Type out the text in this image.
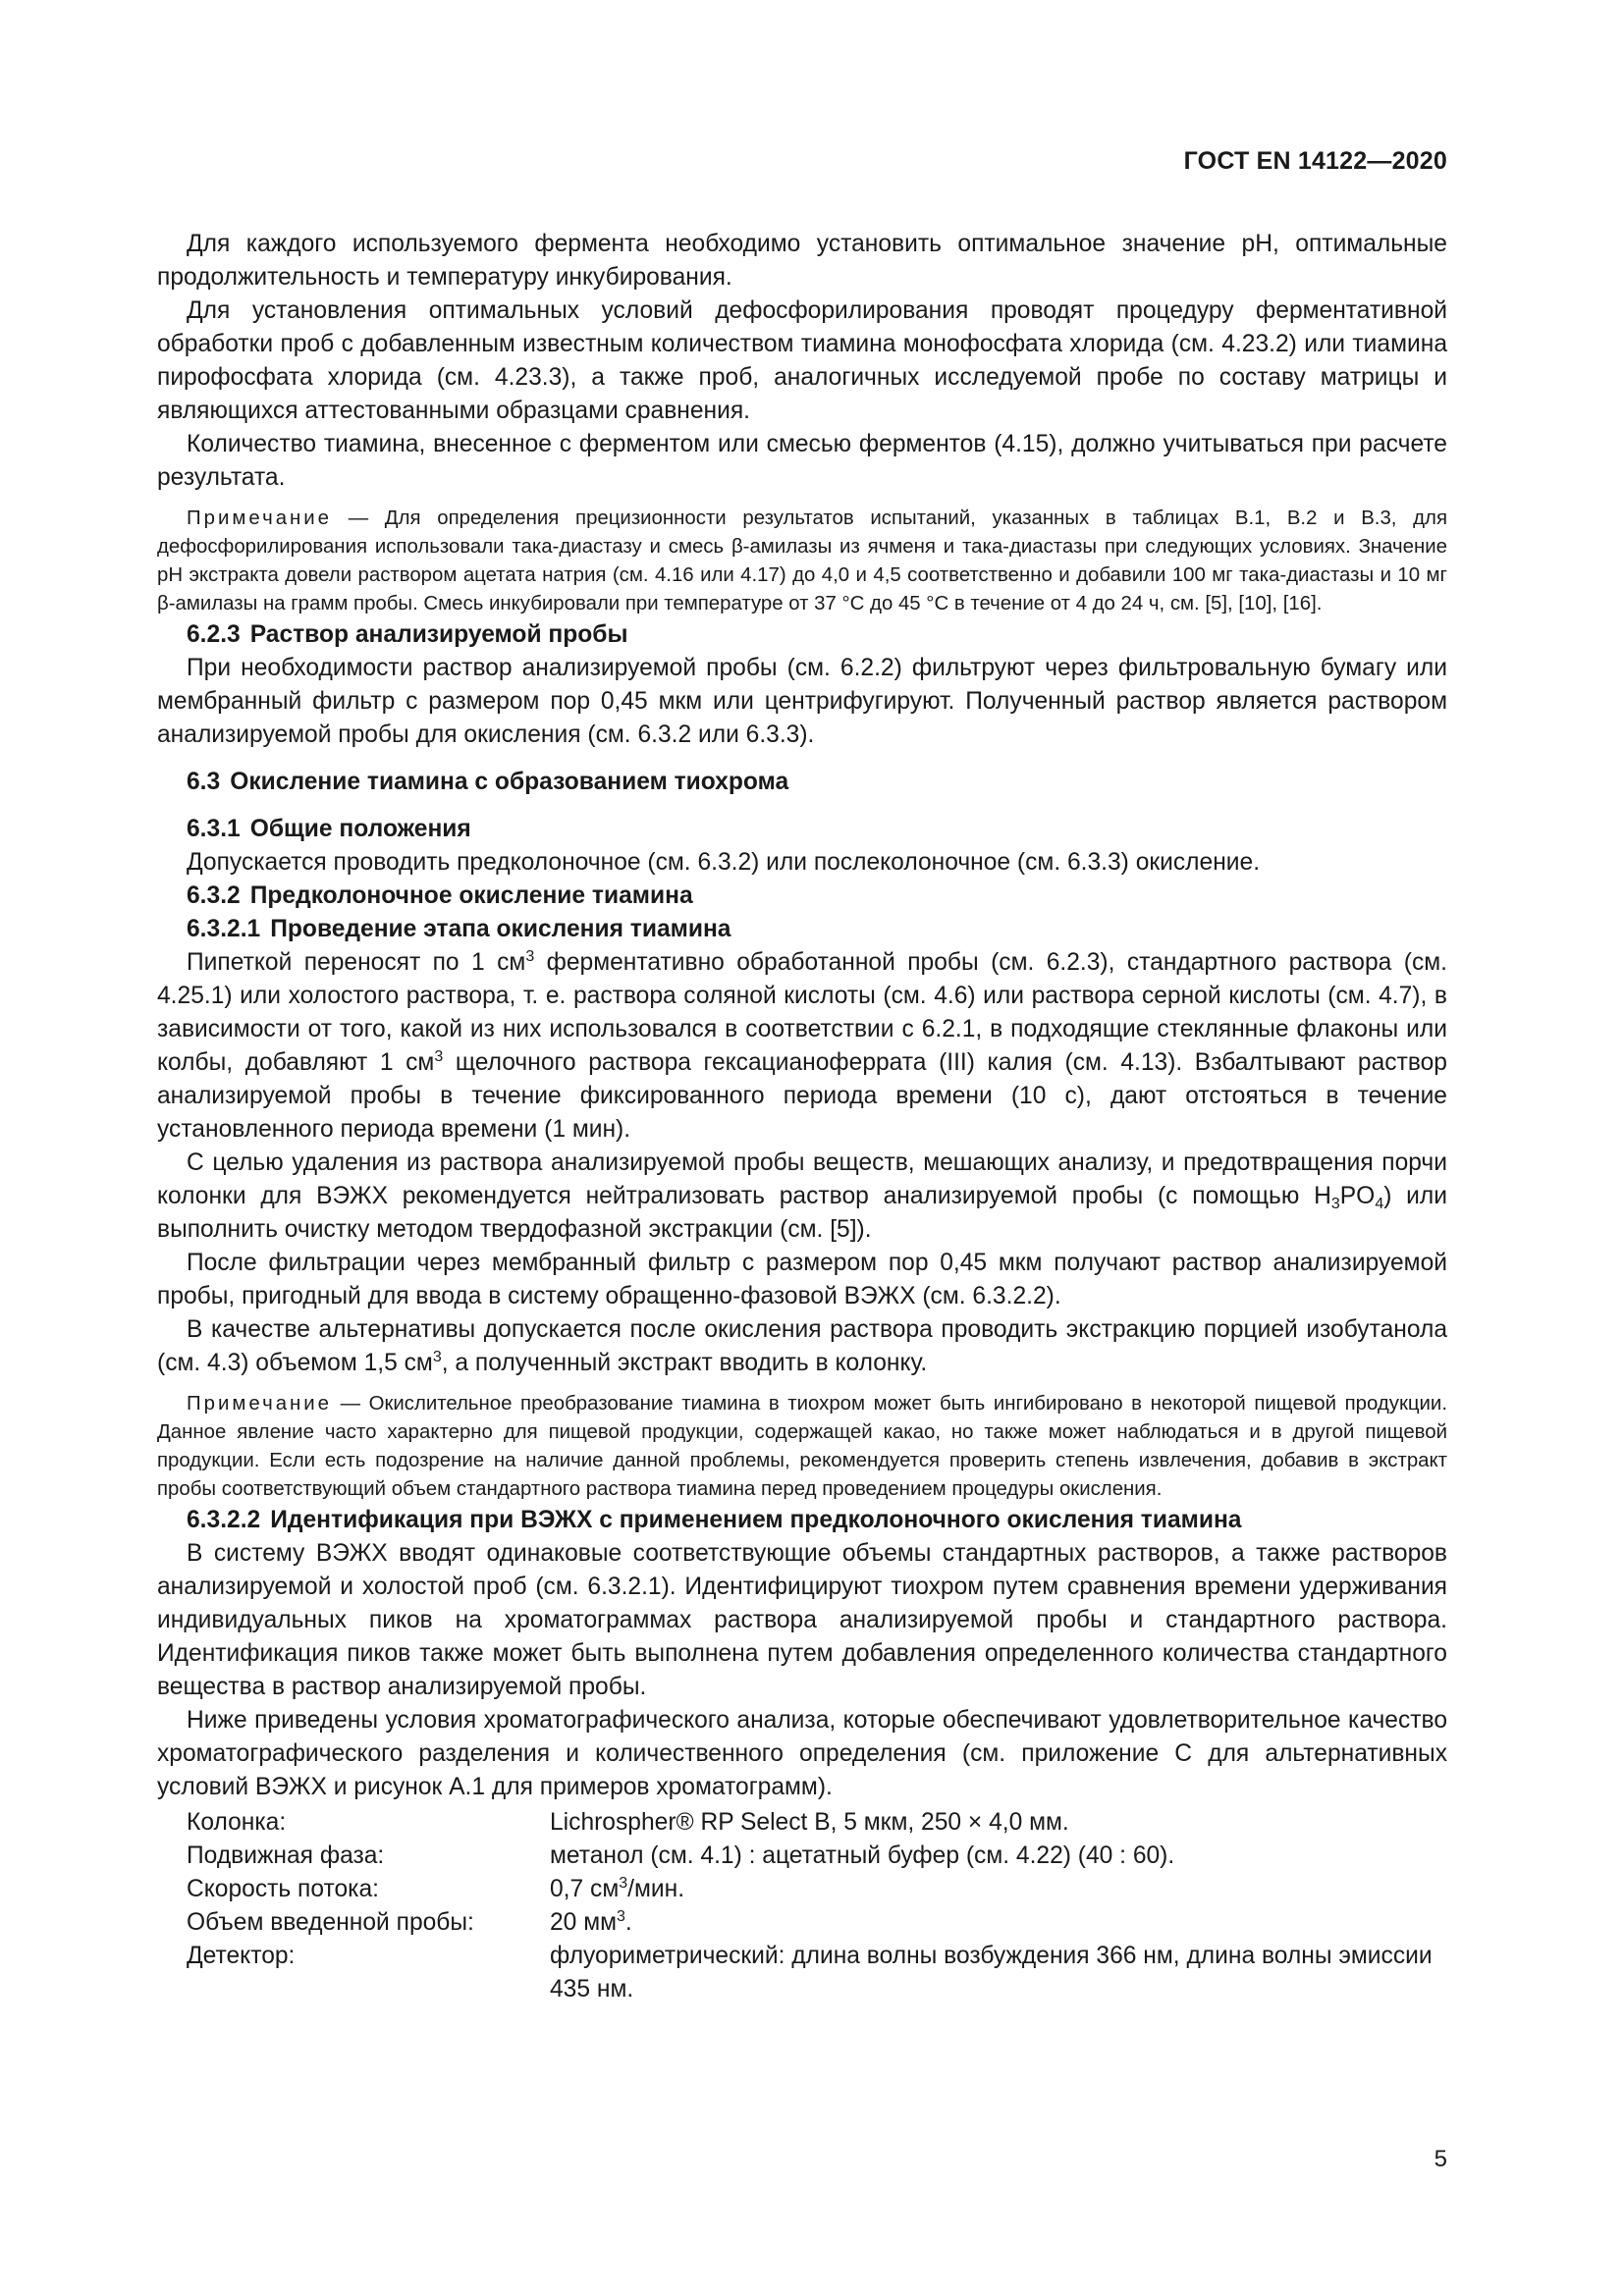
ГОСТ EN 14122—2020

Для каждого используемого фермента необходимо установить оптимальное значение pH, оптимальные продолжительность и температуру инкубирования.

Для установления оптимальных условий дефосфорилирования проводят процедуру ферментативной обработки проб с добавленным известным количеством тиамина монофосфата хлорида (см. 4.23.2) или тиамина пирофосфата хлорида (см. 4.23.3), а также проб, аналогичных исследуемой пробе по составу матрицы и являющихся аттестованными образцами сравнения.

Количество тиамина, внесенное с ферментом или смесью ферментов (4.15), должно учитываться при расчете результата.

Примечание — Для определения прецизионности результатов испытаний, указанных в таблицах B.1, B.2 и B.3, для дефосфорилирования использовали така-диастазу и смесь β-амилазы из ячменя и така-диастазы при следующих условиях. Значение pH экстракта довели раствором ацетата натрия (см. 4.16 или 4.17) до 4,0 и 4,5 соответственно и добавили 100 мг така-диастазы и 10 мг β-амилазы на грамм пробы. Смесь инкубировали при температуре от 37 °C до 45 °C в течение от 4 до 24 ч, см. [5], [10], [16].
6.2.3 Раствор анализируемой пробы

При необходимости раствор анализируемой пробы (см. 6.2.2) фильтруют через фильтровальную бумагу или мембранный фильтр с размером пор 0,45 мкм или центрифугируют. Полученный раствор является раствором анализируемой пробы для окисления (см. 6.3.2 или 6.3.3).

6.3 Окисление тиамина с образованием тиохрома
6.3.1 Общие положения

Допускается проводить предколоночное (см. 6.3.2) или послеколоночное (см. 6.3.3) окисление.

6.3.2 Предколоночное окисление тиамина
6.3.2.1 Проведение этапа окисления тиамина

Пипеткой переносят по 1 $см^3$ ферментативно обработанной пробы (см. 6.2.3), стандартного раствора (см. 4.25.1) или холостого раствора, т. е. раствора соляной кислоты (см. 4.6) или раствора серной кислоты (см. 4.7), в зависимости от того, какой из них использовался в соответствии с 6.2.1, в подходящие стеклянные флаконы или колбы, добавляют 1 $см^3$ щелочного раствора гексацианоферрата (III) калия (см. 4.13). Взбалтывают раствор анализируемой пробы в течение фиксированного периода времени (10 с), дают отстояться в течение установленного периода времени (1 мин).

С целью удаления из раствора анализируемой пробы веществ, мешающих анализу, и предотвращения порчи колонки для ВЭЖХ рекомендуется нейтрализовать раствор анализируемой пробы (с помощью $H_3PO_4$) или выполнить очистку методом твердофазной экстракции (см. [5]).

После фильтрации через мембранный фильтр с размером пор 0,45 мкм получают раствор анализируемой пробы, пригодный для ввода в систему обращенно-фазовой ВЭЖХ (см. 6.3.2.2).

В качестве альтернативы допускается после окисления раствора проводить экстракцию порцией изобутанола (см. 4.3) объемом 1,5 $см^3$, а полученный экстракт вводить в колонку.

Примечание — Окислительное преобразование тиамина в тиохром может быть ингибировано в некоторой пищевой продукции. Данное явление часто характерно для пищевой продукции, содержащей какао, но также может наблюдаться и в другой пищевой продукции. Если есть подозрение на наличие данной проблемы, рекомендуется проверить степень извлечения, добавив в экстракт пробы соответствующий объем стандартного раствора тиамина перед проведением процедуры окисления.
6.3.2.2 Идентификация при ВЭЖХ с применением предколоночного окисления тиамина

В систему ВЭЖХ вводят одинаковые соответствующие объемы стандартных растворов, а также растворов анализируемой и холостой проб (см. 6.3.2.1). Идентифицируют тиохром путем сравнения времени удерживания индивидуальных пиков на хроматограммах раствора анализируемой пробы и стандартного раствора. Идентификация пиков также может быть выполнена путем добавления определенного количества стандартного вещества в раствор анализируемой пробы.

Ниже приведены условия хроматографического анализа, которые обеспечивают удовлетворительное качество хроматографического разделения и количественного определения (см. приложение C для альтернативных условий ВЭЖХ и рисунок A.1 для примеров хроматограмм).

Колонка:	Lichrospher® RP Select B, 5 мкм, 250 × 4,0 мм.
Подвижная фаза:	метанол (см. 4.1) : ацетатный буфер (см. 4.22) (40 : 60).
Скорость потока:	0,7 $см^3$/мин.
Объем введенной пробы:	20 $мм^3$.
Детектор:	флуориметрический: длина волны возбуждения 366 нм, длина волны эмиссии 435 нм.
5
